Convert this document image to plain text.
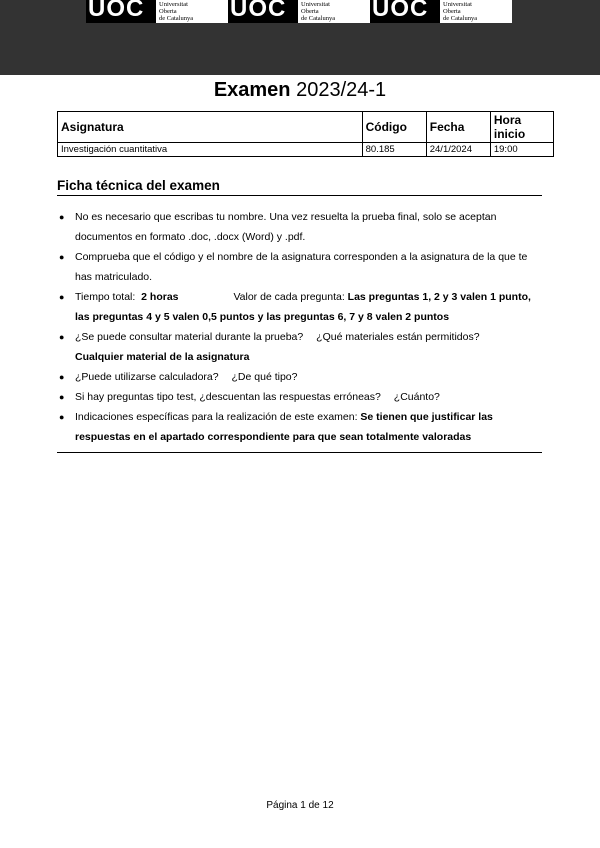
UOC	Universitat
Oberta
de Catalunya	UOC	Universitat
Oberta
de Catalunya	UOC	Universitat
Oberta
de Catalunya
Examen 2023/24-1
Asignatura	Código	Fecha	Hora inicio
Investigación cuantitativa	80.185	24/1/2024	19:00
Ficha técnica del examen
● No es necesario que escribas tu nombre. Una vez resuelta la prueba final, solo se aceptan documentos en formato .doc, .docx (Word) y .pdf.
● Comprueba que el código y el nombre de la asignatura corresponden a la asignatura de la que te has matriculado.
● Tiempo total: 2 horas	Valor de cada pregunta: Las preguntas 1, 2 y 3 valen 1 punto, las preguntas 4 y 5 valen 0,5 puntos y las preguntas 6, 7 y 8 valen 2 puntos
● ¿Se puede consultar material durante la prueba? ¿Qué materiales están permitidos?
Cualquier material de la asignatura
● ¿Puede utilizarse calculadora? ¿De qué tipo?
● Si hay preguntas tipo test, ¿descuentan las respuestas erróneas? ¿Cuánto?
● Indicaciones específicas para la realización de este examen: Se tienen que justificar las respuestas en el apartado correspondiente para que sean totalmente valoradas
Página 1 de 12
